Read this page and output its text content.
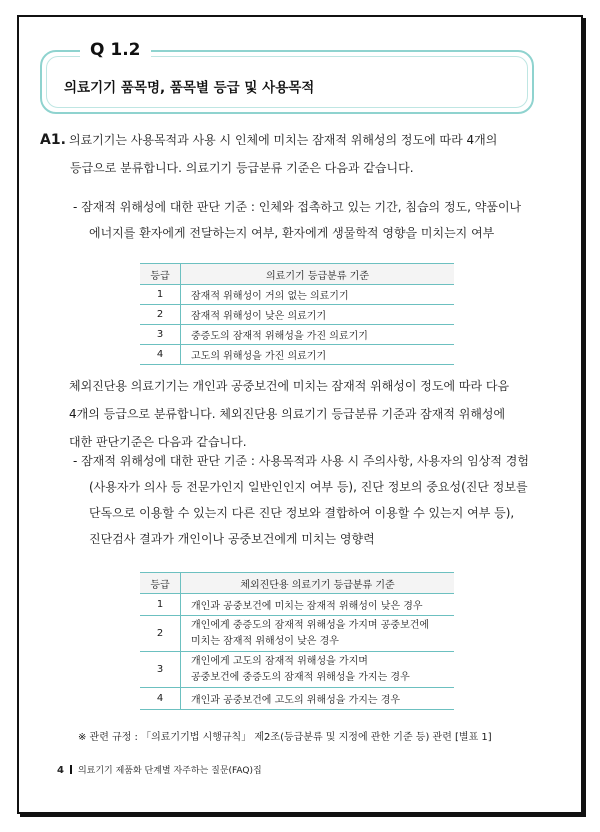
Q 1.2
의료기기 품목명, 품목별 등급 및 사용목적
A1. 의료기기는 사용목적과 사용 시 인체에 미치는 잠재적 위해성의 정도에 따라 4개의
등급으로 분류합니다. 의료기기 등급분류 기준은 다음과 같습니다.
- 잠재적 위해성에 대한 판단 기준 : 인체와 접촉하고 있는 기간, 침습의 정도, 약품이나
에너지를 환자에게 전달하는지 여부, 환자에게 생물학적 영향을 미치는지 여부
등급	의료기기 등급분류 기준
1	잠재적 위해성이 거의 없는 의료기기
2	잠재적 위해성이 낮은 의료기기
3	중증도의 잠재적 위해성을 가진 의료기기
4	고도의 위해성을 가진 의료기기
체외진단용 의료기기는 개인과 공중보건에 미치는 잠재적 위해성이 정도에 따라 다음
4개의 등급으로 분류합니다. 체외진단용 의료기기 등급분류 기준과 잠재적 위해성에
대한 판단기준은 다음과 같습니다.
- 잠재적 위해성에 대한 판단 기준 : 사용목적과 사용 시 주의사항, 사용자의 임상적 경험
(사용자가 의사 등 전문가인지 일반인인지 여부 등), 진단 정보의 중요성(진단 정보를
단독으로 이용할 수 있는지 다른 진단 정보와 결합하여 이용할 수 있는지 여부 등),
진단검사 결과가 개인이나 공중보건에게 미치는 영향력
등급	체외진단용 의료기기 등급분류 기준
1	개인과 공중보건에 미치는 잠재적 위해성이 낮은 경우

2	개인에게 중증도의 잠재적 위해성을 가지며 공중보건에
미치는 잠재적 위해성이 낮은 경우

3	개인에게 고도의 잠재적 위해성을 가지며
공중보건에 중증도의 잠재적 위해성을 가지는 경우

4	개인과 공중보건에 고도의 위해성을 가지는 경우
※ 관련 규정 : 「의료기기법 시행규칙」 제2조(등급분류 및 지정에 관한 기준 등) 관련 [별표 1]
4 의료기기 제품화 단계별 자주하는 질문(FAQ)집
